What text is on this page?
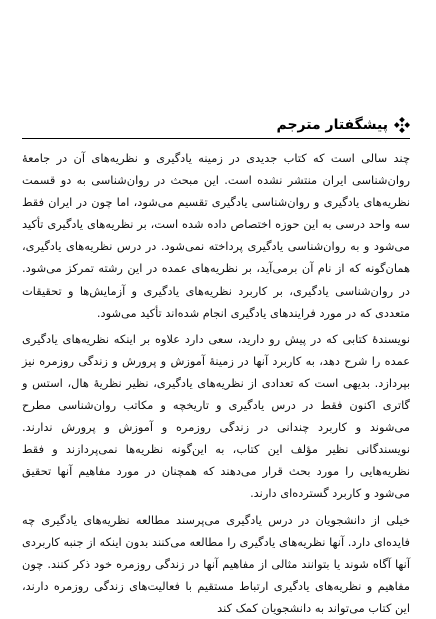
پیشگفتار مترجم

چند سالی است که کتاب جدیدی در زمینه یادگیری و نظریه‌های آن در جامعهٔ روان‌شناسی ایران منتشر نشده است. این مبحث در روان‌شناسی به دو قسمت نظریه‌های یادگیری و روان‌شناسی یادگیری تقسیم می‌شود، اما چون در ایران فقط سه واحد درسی به این حوزه اختصاص داده شده است، بر نظریه‌های یادگیری تأکید می‌شود و به روان‌شناسی یادگیری پرداخته نمی‌شود. در درس نظریه‌های یادگیری، همان‌گونه که از نام آن برمی‌آید، بر نظریه‌های عمده در این رشته تمرکز می‌شود. در روان‌شناسی یادگیری، بر کاربرد نظریه‌های یادگیری و آزمایش‌ها و تحقیقات متعددی که در مورد فرایندهای یادگیری انجام شده‌اند تأکید می‌شود.

نویسندهٔ کتابی که در پیش رو دارید، سعی دارد علاوه بر اینکه نظریه‌های یادگیری عمده را شرح دهد، به کاربرد آنها در زمینهٔ آموزش و پرورش و زندگی روزمره نیز بپردازد. بدیهی است که تعدادی از نظریه‌های یادگیری، نظیر نظریهٔ هال، استس و گاتری اکنون فقط در درس یادگیری و تاریخچه و مکاتب روان‌شناسی مطرح می‌شوند و کاربرد چندانی در زندگی روزمره و آموزش و پرورش ندارند. نویسندگانی نظیر مؤلف این کتاب، به این‌گونه نظریه‌ها نمی‌پردازند و فقط نظریه‌هایی را مورد بحث قرار می‌دهند که همچنان در مورد مفاهیم آنها تحقیق می‌شود و کاربرد گسترده‌ای دارند.

خیلی از دانشجویان در درس یادگیری می‌پرسند مطالعه نظریه‌های یادگیری چه فایده‌ای دارد. آنها نظریه‌های یادگیری را مطالعه می‌کنند بدون اینکه از جنبه کاربردی آنها آگاه شوند یا بتوانند مثالی از مفاهیم آنها در زندگی روزمره خود ذکر کنند. چون مفاهیم و نظریه‌های یادگیری ارتباط مستقیم با فعالیت‌های زندگی روزمره دارند، این کتاب می‌تواند به دانشجویان کمک کند
